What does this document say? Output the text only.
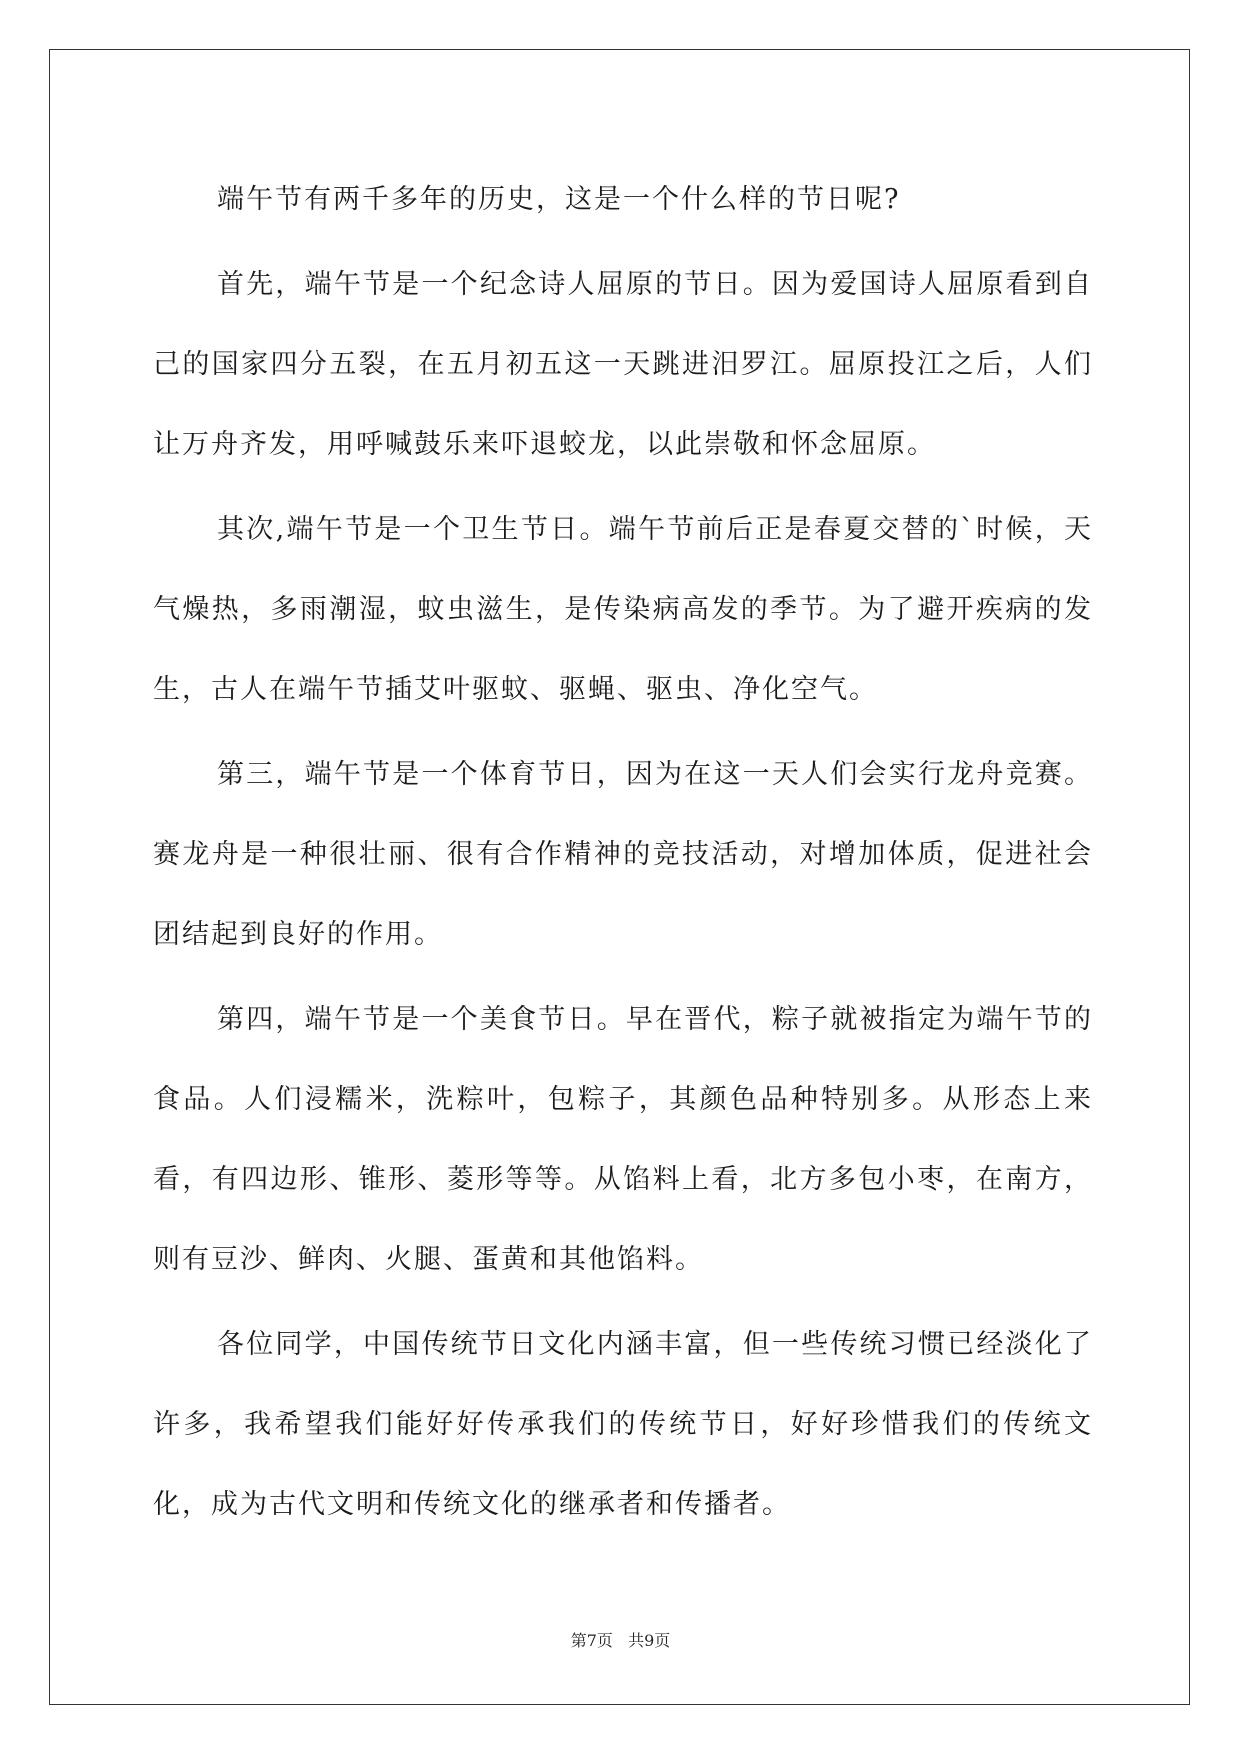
端午节有两千多年的历史，这是一个什么样的节日呢?

首先，端午节是一个纪念诗人屈原的节日。因为爱国诗人屈原看到自己的国家四分五裂，在五月初五这一天跳进汨罗江。屈原投江之后，人们让万舟齐发，用呼喊鼓乐来吓退蛟龙，以此崇敬和怀念屈原。

其次,端午节是一个卫生节日。端午节前后正是春夏交替的`时候，天气燥热，多雨潮湿，蚊虫滋生，是传染病高发的季节。为了避开疾病的发生，古人在端午节插艾叶驱蚊、驱蝇、驱虫、净化空气。

第三，端午节是一个体育节日，因为在这一天人们会实行龙舟竞赛。赛龙舟是一种很壮丽、很有合作精神的竞技活动，对增加体质，促进社会团结起到良好的作用。

第四，端午节是一个美食节日。早在晋代，粽子就被指定为端午节的食品。人们浸糯米，洗粽叶，包粽子，其颜色品种特别多。从形态上来看，有四边形、锥形、菱形等等。从馅料上看，北方多包小枣，在南方，则有豆沙、鲜肉、火腿、蛋黄和其他馅料。

各位同学，中国传统节日文化内涵丰富，但一些传统习惯已经淡化了许多，我希望我们能好好传承我们的传统节日，好好珍惜我们的传统文化，成为古代文明和传统文化的继承者和传播者。

第7页   共9页
